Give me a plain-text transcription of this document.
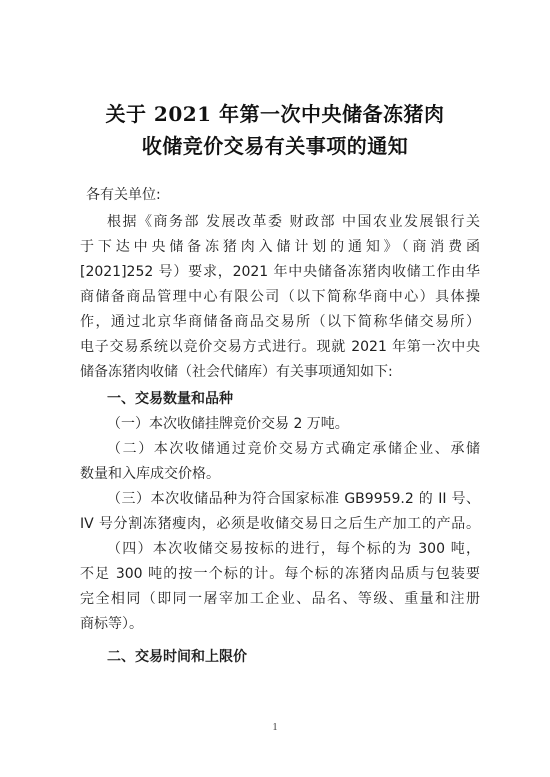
关于 2021 年第一次中央储备冻猪肉
收储竞价交易有关事项的通知
各有关单位:
根据《商务部 发展改革委 财政部 中国农业发展银行关
于下达中央储备冻猪肉入储计划的通知》（商消费函
[2021]252 号）要求，2021 年中央储备冻猪肉收储工作由华
商储备商品管理中心有限公司（以下简称华商中心）具体操
作，通过北京华商储备商品交易所（以下简称华储交易所）
电子交易系统以竞价交易方式进行。现就 2021 年第一次中央
储备冻猪肉收储（社会代储库）有关事项通知如下:
一、交易数量和品种
（一）本次收储挂牌竞价交易 2 万吨。
（二）本次收储通过竞价交易方式确定承储企业、承储
数量和入库成交价格。
（三）本次收储品种为符合国家标准 GB9959.2 的 II 号、
IV 号分割冻猪瘦肉，必须是收储交易日之后生产加工的产品。
（四）本次收储交易按标的进行，每个标的为 300 吨，
不足 300 吨的按一个标的计。每个标的冻猪肉品质与包装要
完全相同（即同一屠宰加工企业、品名、等级、重量和注册
商标等）。
二、交易时间和上限价
1
